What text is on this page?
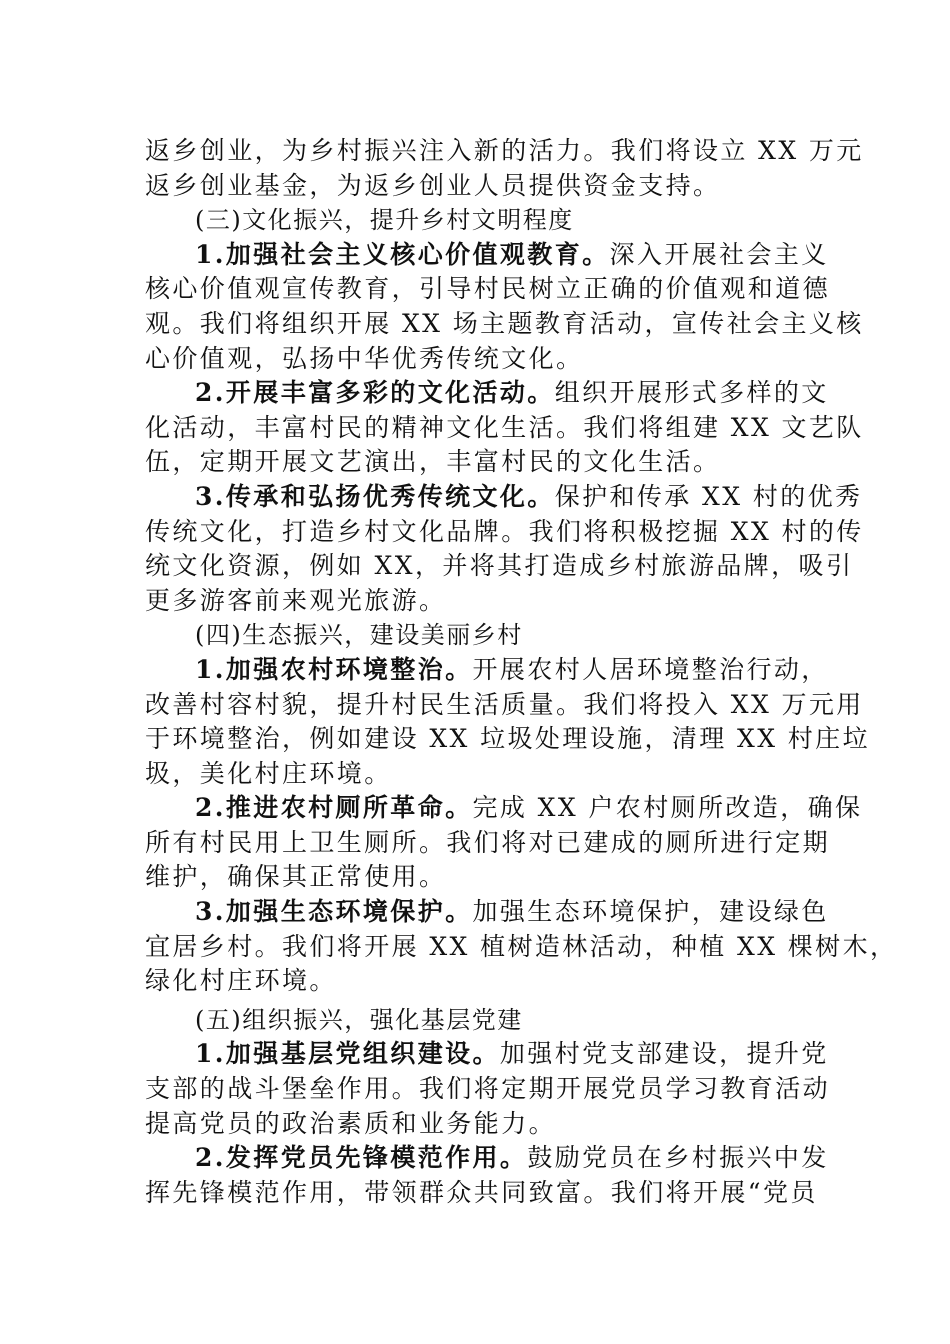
返乡创业，为乡村振兴注入新的活力。我们将设立 XX 万元
返乡创业基金，为返乡创业人员提供资金支持。
(三)文化振兴，提升乡村文明程度
1.加强社会主义核心价值观教育。深入开展社会主义
核心价值观宣传教育，引导村民树立正确的价值观和道德
观。我们将组织开展 XX 场主题教育活动，宣传社会主义核
心价值观，弘扬中华优秀传统文化。
2.开展丰富多彩的文化活动。组织开展形式多样的文
化活动，丰富村民的精神文化生活。我们将组建 XX 文艺队
伍，定期开展文艺演出，丰富村民的文化生活。
3.传承和弘扬优秀传统文化。保护和传承 XX 村的优秀
传统文化，打造乡村文化品牌。我们将积极挖掘 XX 村的传
统文化资源，例如 XX，并将其打造成乡村旅游品牌，吸引
更多游客前来观光旅游。
(四)生态振兴，建设美丽乡村
1.加强农村环境整治。开展农村人居环境整治行动，
改善村容村貌，提升村民生活质量。我们将投入 XX 万元用
于环境整治，例如建设 XX 垃圾处理设施，清理 XX 村庄垃
圾，美化村庄环境。
2.推进农村厕所革命。完成 XX 户农村厕所改造，确保
所有村民用上卫生厕所。我们将对已建成的厕所进行定期
维护，确保其正常使用。
3.加强生态环境保护。加强生态环境保护，建设绿色
宜居乡村。我们将开展 XX 植树造林活动，种植 XX 棵树木，
绿化村庄环境。
(五)组织振兴，强化基层党建
1.加强基层党组织建设。加强村党支部建设，提升党
支部的战斗堡垒作用。我们将定期开展党员学习教育活动
提高党员的政治素质和业务能力。
2.发挥党员先锋模范作用。鼓励党员在乡村振兴中发
挥先锋模范作用，带领群众共同致富。我们将开展“党员
